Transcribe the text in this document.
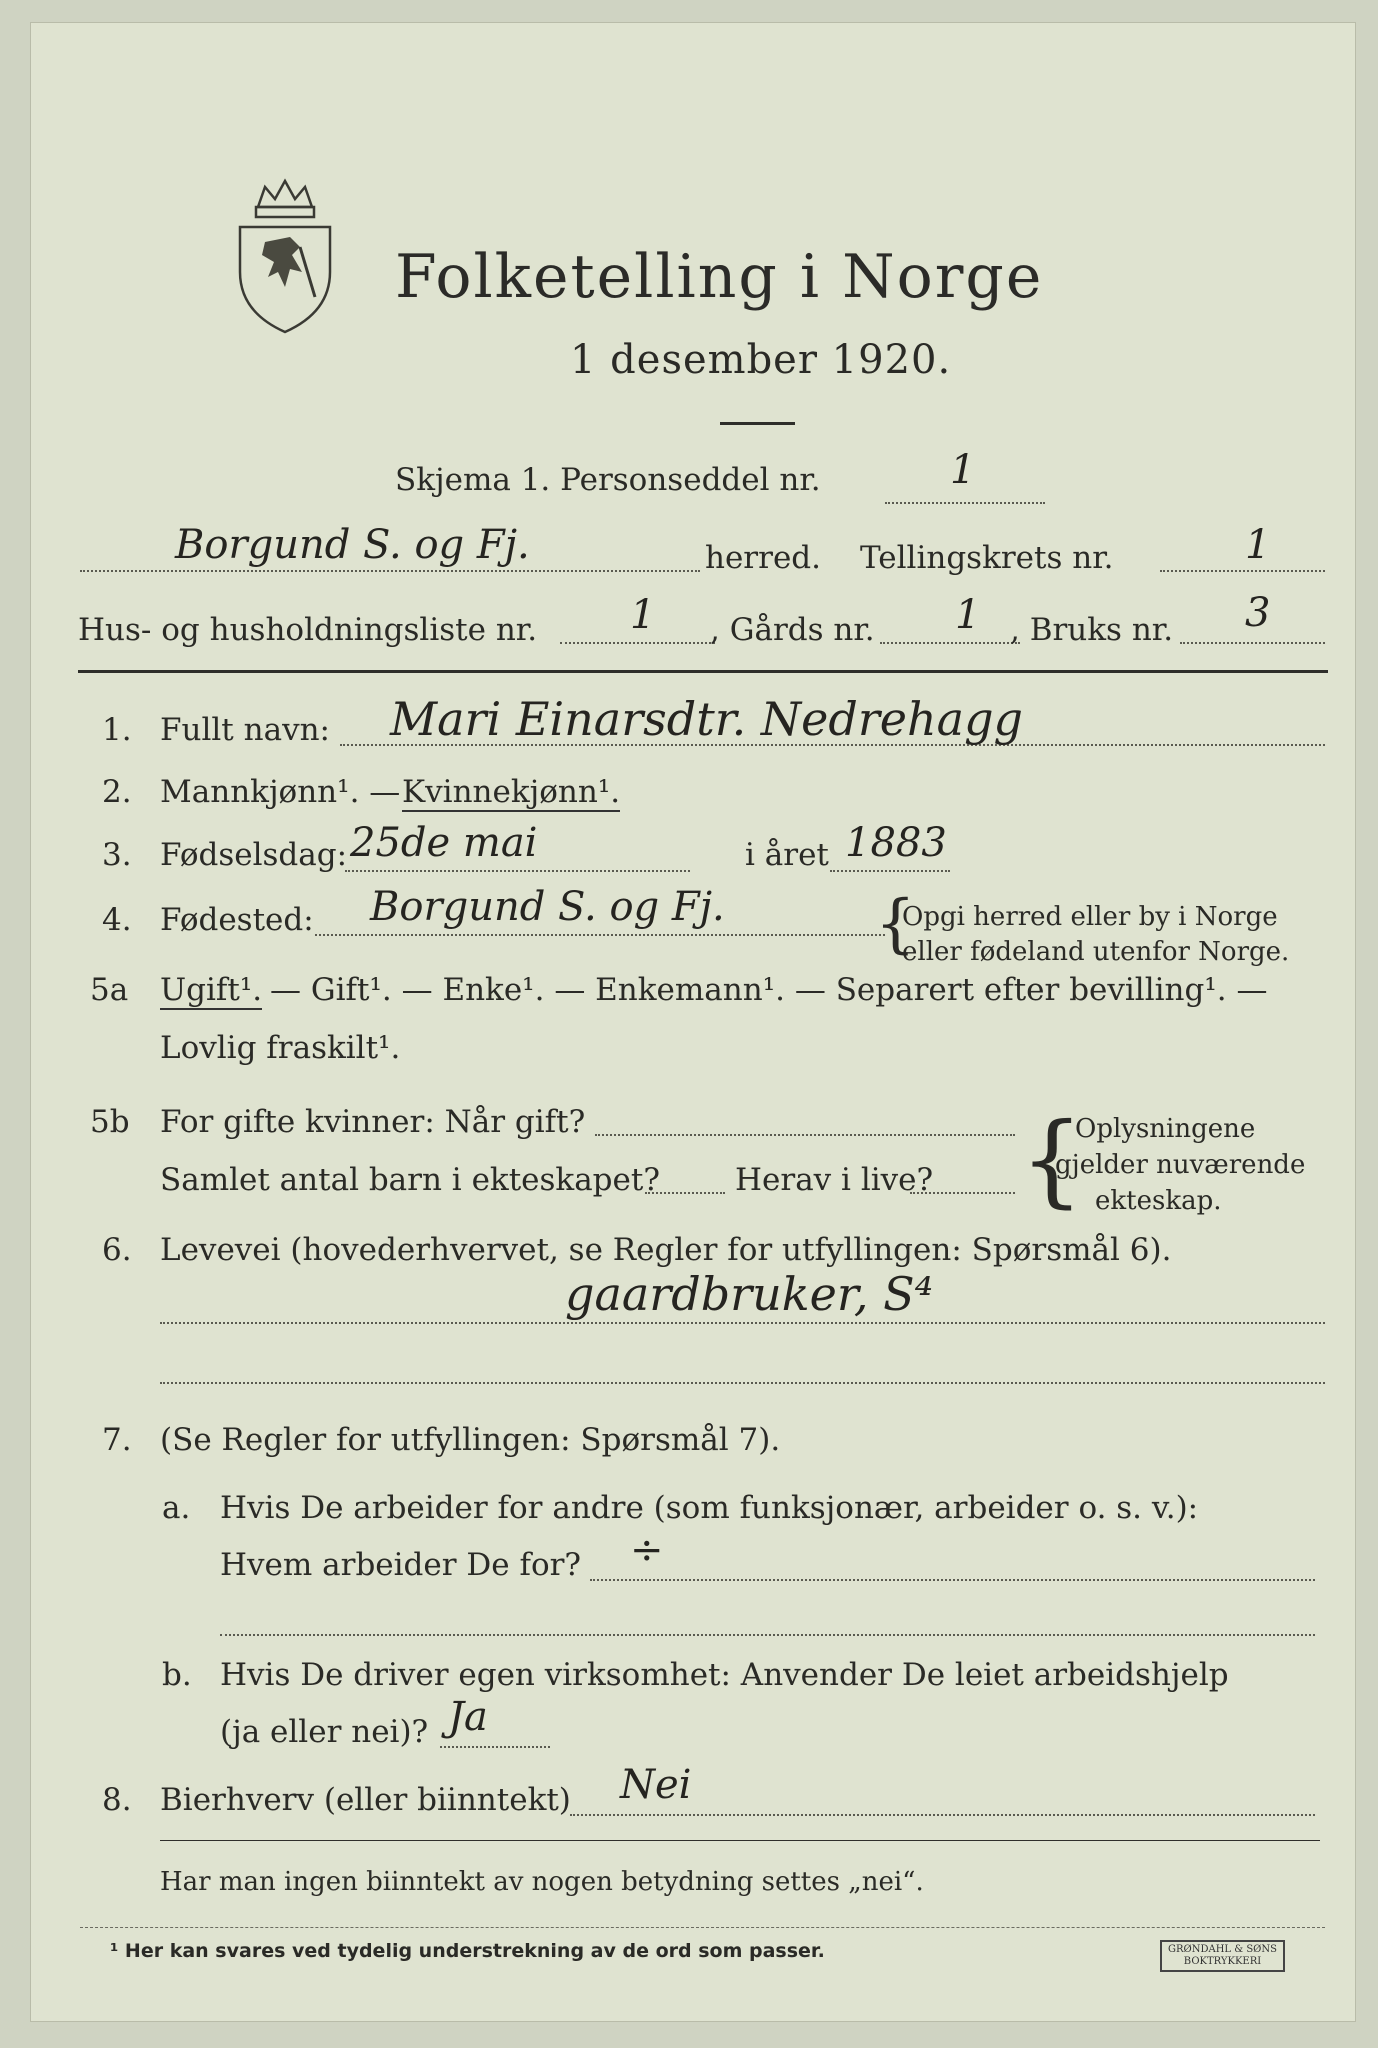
Folketelling i Norge
1 desember 1920.
Skjema 1. Personseddel nr.	1
Borgund S. og Fj.	herred. Tellingskrets nr.	1
Hus- og husholdningsliste nr. 1 , Gårds nr. 1 , Bruks nr. 3
1. Fullt navn: Mari Einarsdtr. Nedrehagg
2. Mannkjønn¹. — Kvinnekjønn¹.
3. Fødselsdag: 25de mai	i året 1883
4. Fødested: Borgund S. og Fj. {
Opgi herred eller by i Norge
eller fødeland utenfor Norge.
5a Ugift¹. — Gift¹. — Enke¹. — Enkemann¹. — Separert efter bevilling¹. —
Lovlig fraskilt¹.
5b For gifte kvinner: Når gift?
Samlet antal barn i ekteskapet? Herav i live? {
Oplysningene
gjelder nuværende
ekteskap.
6. Levevei (hovederhvervet, se Regler for utfyllingen: Spørsmål 6).
gaardbruker, S⁴
7. (Se Regler for utfyllingen: Spørsmål 7).
a. Hvis De arbeider for andre (som funksjonær, arbeider o. s. v.):
Hvem arbeider De for? ÷
b. Hvis De driver egen virksomhet: Anvender De leiet arbeidshjelp
(ja eller nei)? Ja
8. Bierhverv (eller biinntekt) Nei
Har man ingen biinntekt av nogen betydning settes „nei“.
¹ Her kan svares ved tydelig understrekning av de ord som passer.	GRØNDAHL & SØNS
BOKTRYKKERI
